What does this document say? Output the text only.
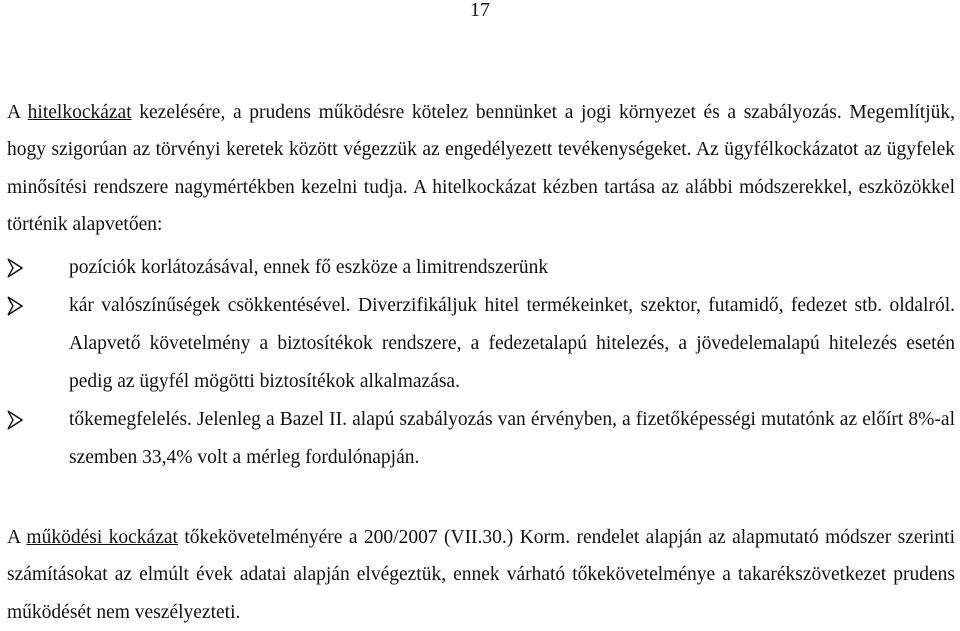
17

A hitelkockázat kezelésére, a prudens működésre kötelez bennünket a jogi környezet és a szabályozás. Megemlítjük, hogy szigorúan az törvényi keretek között végezzük az engedélyezett tevékenységeket. Az ügyfélkockázatot az ügyfelek minősítési rendszere nagymértékben kezelni tudja. A hitelkockázat kézben tartása az alábbi módszerekkel, eszközökkel történik alapvetően:

pozíciók korlátozásával, ennek fő eszköze a limitrendszerünk
kár valószínűségek csökkentésével. Diverzifikáljuk hitel termékeinket, szektor, futamidő, fedezet stb. oldalról. Alapvető követelmény a biztosítékok rendszere, a fedezetalapú hitelezés, a jövedelemalapú hitelezés esetén pedig az ügyfél mögötti biztosítékok alkalmazása.
tőkemegfelelés. Jelenleg a Bazel II. alapú szabályozás van érvényben, a fizetőképességi mutatónk az előírt 8%-al szemben 33,4% volt a mérleg fordulónapján.

A működési kockázat tőkekövetelményére a 200/2007 (VII.30.) Korm. rendelet alapján az alapmutató módszer szerinti számításokat az elmúlt évek adatai alapján elvégeztük, ennek várható tőkekövetelménye a takarékszövetkezet prudens működését nem veszélyezteti.
